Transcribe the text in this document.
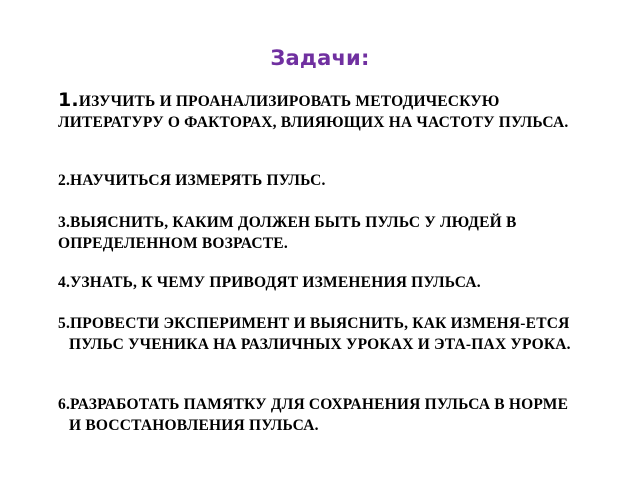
Задачи:
1.ИЗУЧИТЬ И ПРОАНАЛИЗИРОВАТЬ МЕТОДИЧЕСКУЮ ЛИТЕРАТУРУ О ФАКТОРАХ, ВЛИЯЮЩИХ НА ЧАСТОТУ ПУЛЬСА.
2.НАУЧИТЬСЯ ИЗМЕРЯТЬ ПУЛЬС.
3.ВЫЯСНИТЬ, КАКИМ ДОЛЖЕН БЫТЬ ПУЛЬС У ЛЮДЕЙ В ОПРЕДЕЛЕННОМ ВОЗРАСТЕ.
4.УЗНАТЬ, К ЧЕМУ ПРИВОДЯТ ИЗМЕНЕНИЯ ПУЛЬСА.
5.ПРОВЕСТИ ЭКСПЕРИМЕНТ И ВЫЯСНИТЬ, КАК ИЗМЕНЯ-ЕТСЯ ПУЛЬС УЧЕНИКА НА РАЗЛИЧНЫХ УРОКАХ И ЭТА-ПАХ УРОКА.
6.РАЗРАБОТАТЬ ПАМЯТКУ ДЛЯ СОХРАНЕНИЯ ПУЛЬСА В НОРМЕ И ВОССТАНОВЛЕНИЯ ПУЛЬСА.
